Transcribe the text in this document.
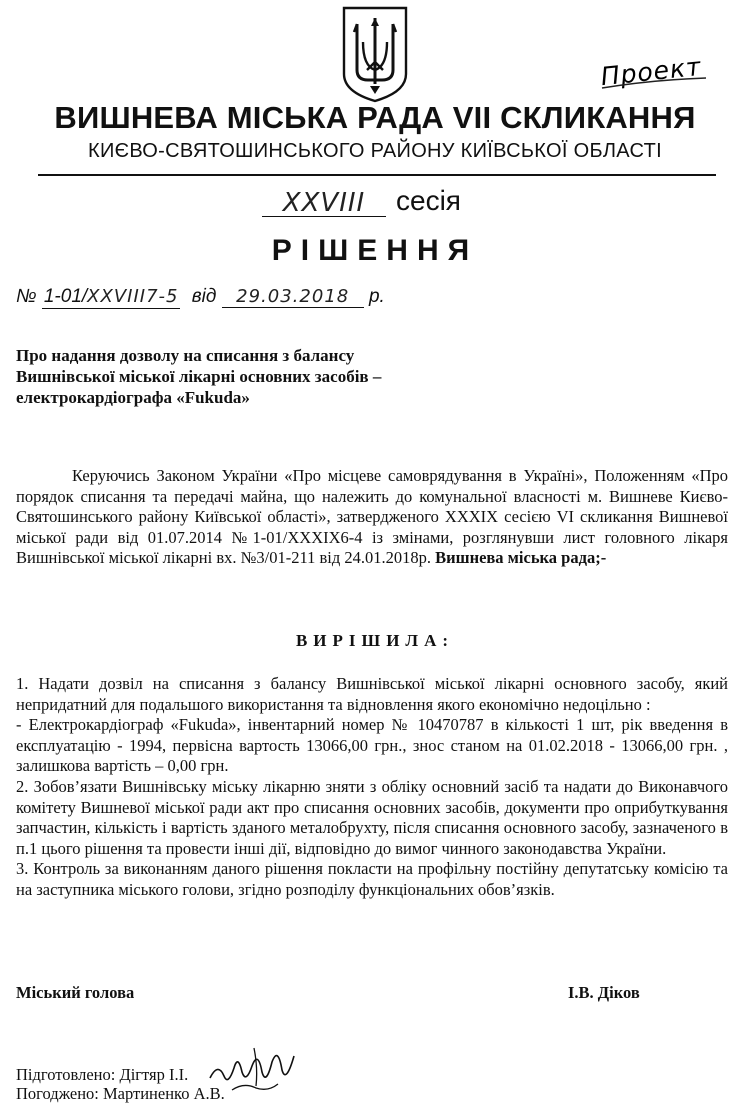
Проект
ВИШНЕВА МІСЬКА РАДА VII СКЛИКАННЯ
КИЄВО-СВЯТОШИНСЬКОГО РАЙОНУ КИЇВСЬКОЇ ОБЛАСТІ
XXVIII сесія
РІШЕННЯ
№ 1-01/XXVIII7-5 від 29.03.2018 р.
Про надання дозволу на списання з балансу
Вишнівської міської лікарні основних засобів –
електрокардіографа «Fukuda»

Керуючись Законом України «Про місцеве самоврядування в Україні», Положенням «Про порядок списання та передачі майна, що належить до комунальної власності м. Вишневе Києво-Святошинського району Київської області», затвердженого XXXIX сесією VI скликання Вишневої міської ради від 01.07.2014 №1-01/XXXIX6-4 із змінами, розглянувши лист головного лікаря Вишнівської міської лікарні вх. №3/01-211 від 24.01.2018р. Вишнева міська рада;-

ВИРІШИЛА:

1. Надати дозвіл на списання з балансу Вишнівської міської лікарні основного засобу, який непридатний для подальшого використання та відновлення якого економічно недоцільно :

- Електрокардіограф «Fukuda», інвентарний номер № 10470787 в кількості 1 шт, рік введення в експлуатацію - 1994, первісна вартость 13066,00 грн., знос станом на 01.02.2018 - 13066,00 грн. , залишкова вартість – 0,00 грн.

2. Зобов’язати Вишнівську міську лікарню зняти з обліку основний засіб та надати до Виконавчого комітету Вишневої міської ради акт про списання основних засобів, документи про оприбуткування запчастин, кількість і вартість зданого металобрухту, після списання основного засобу, зазначеного в п.1 цього рішення та провести інші дії, відповідно до вимог чинного законодавства України.

3. Контроль за виконанням даного рішення покласти на профільну постійну депутатську комісію та на заступника міського голови, згідно розподілу функціональних обов’язків.

Міський голова	І.В. Діков
Підготовлено: Дігтяр І.І.
Погоджено: Мартиненко А.В.
